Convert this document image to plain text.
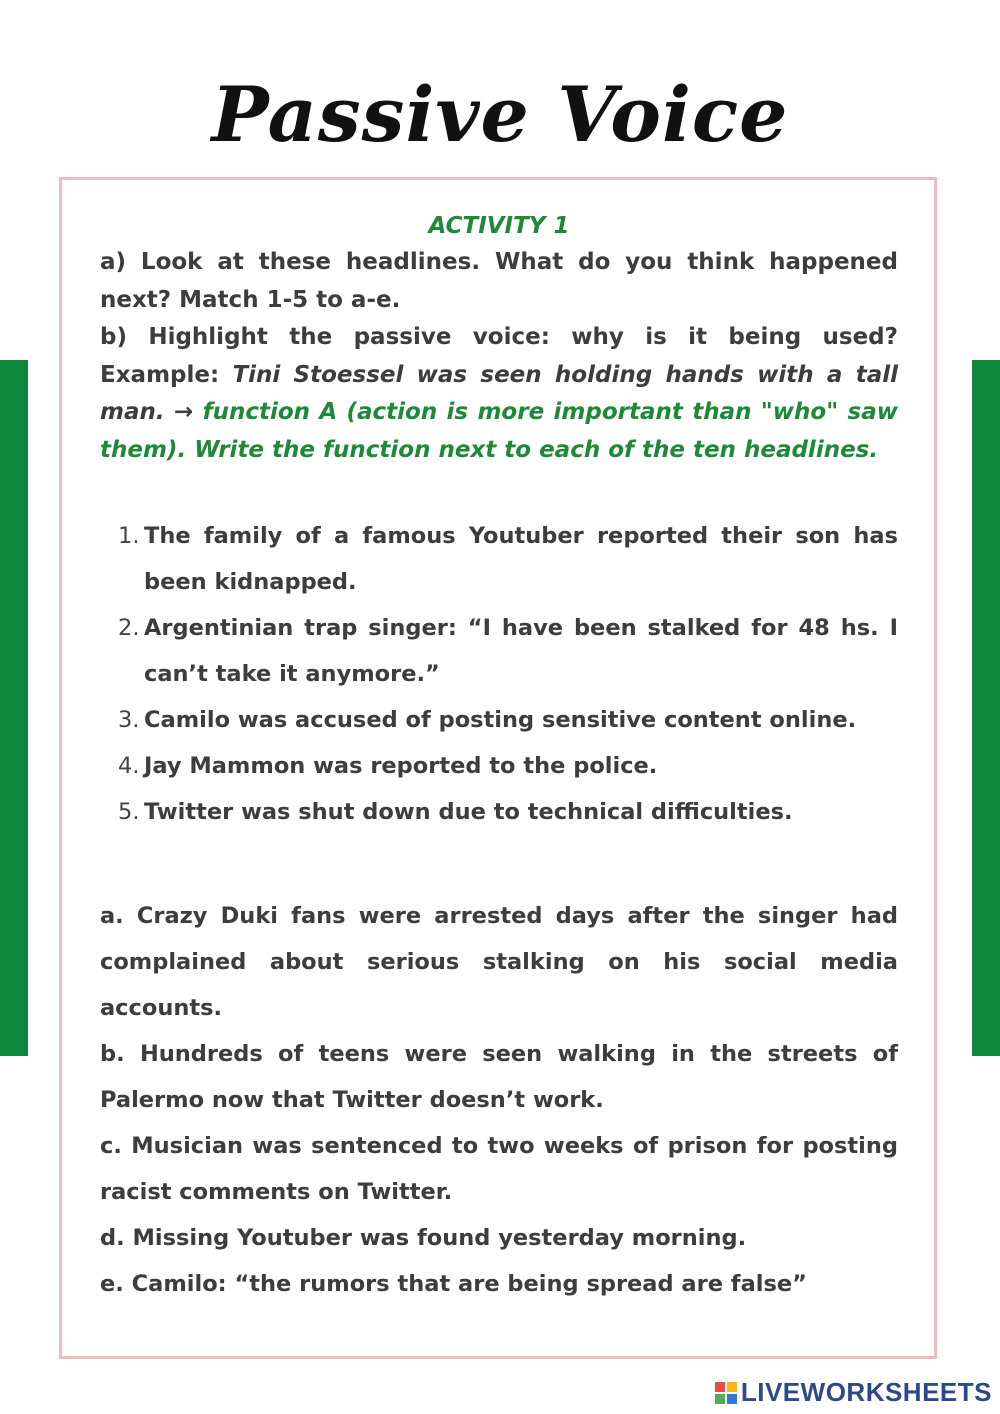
Passive Voice
ACTIVITY 1

a) Look at these headlines. What do you think happened next? Match 1-5 to a-e.

b) Highlight the passive voice: why is it being used? Example: Tini Stoessel was seen holding hands with a tall man. → function A (action is more important than "who" saw them). Write the function next to each of the ten headlines.

1. The family of a famous Youtuber reported their son has been kidnapped.
2. Argentinian trap singer: “I have been stalked for 48 hs. I can’t take it anymore.”
3. Camilo was accused of posting sensitive content online.
4. Jay Mammon was reported to the police.
5. Twitter was shut down due to technical difficulties.

a. Crazy Duki fans were arrested days after the singer had complained about serious stalking on his social media accounts.

b. Hundreds of teens were seen walking in the streets of Palermo now that Twitter doesn’t work.

c. Musician was sentenced to two weeks of prison for posting racist comments on Twitter.

d. Missing Youtuber was found yesterday morning.

e. Camilo: “the rumors that are being spread are false”

LIVEWORKSHEETS
